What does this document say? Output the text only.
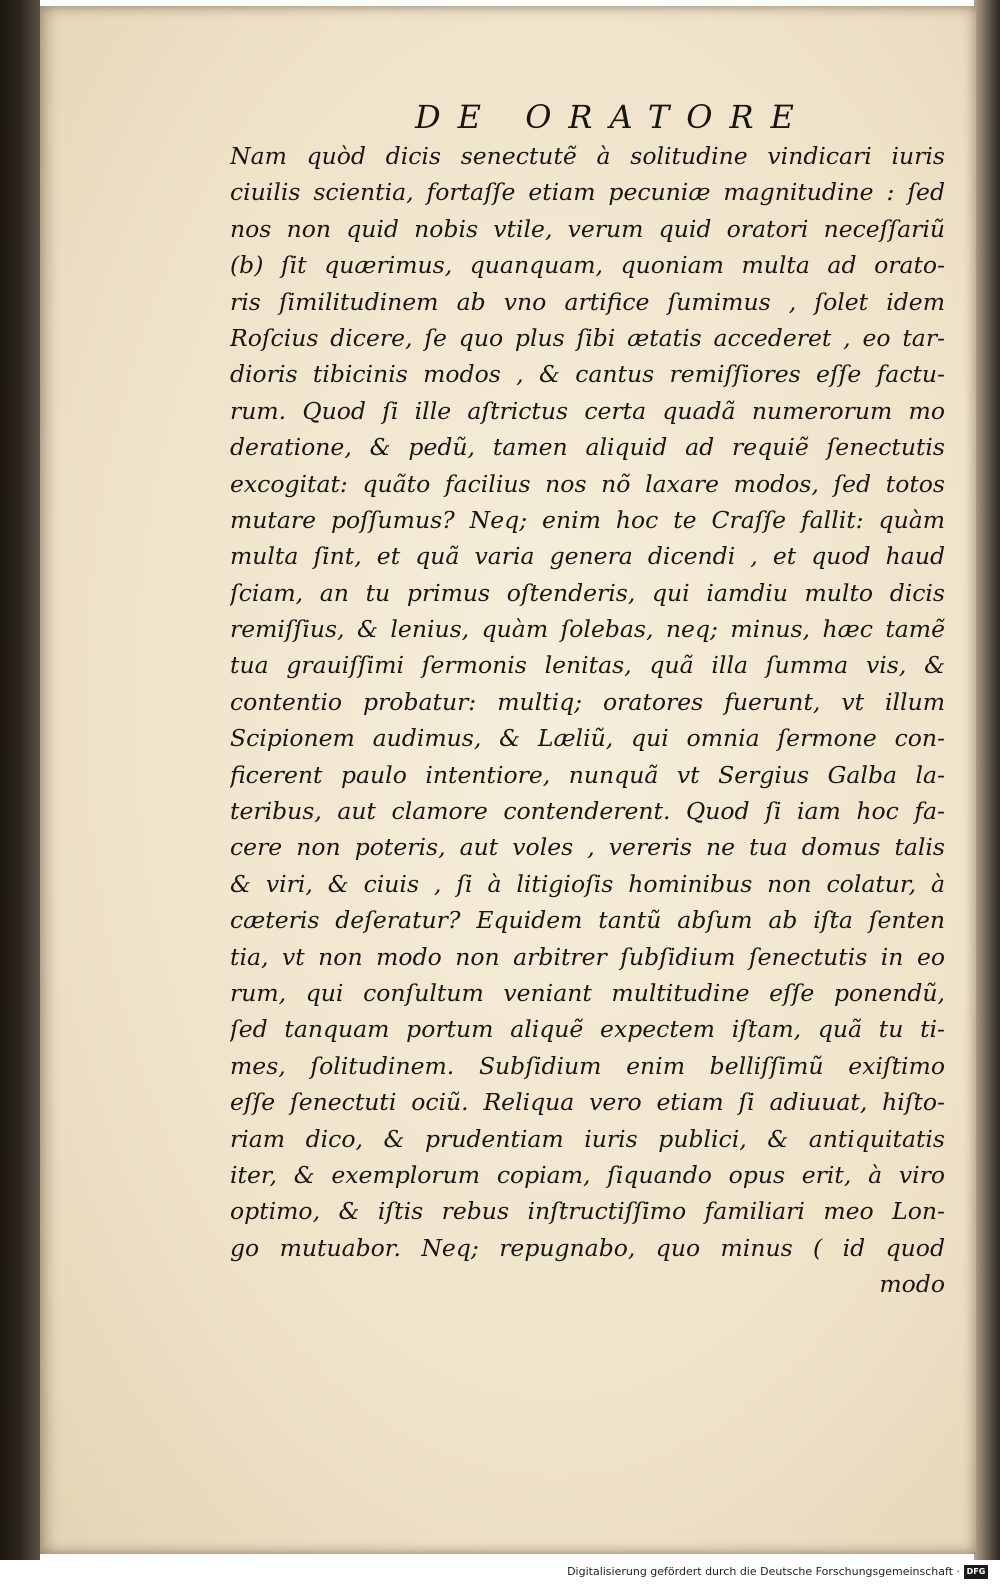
DE ORATORE
Nam quòd dicis senectutẽ à solitudine vindicari iuris
ciuilis scientia, fortaſſe etiam pecuniæ magnitudine : ſed
nos non quid nobis vtile, verum quid oratori neceſſariũ
(b) ſit quærimus, quanquam, quoniam multa ad orato-
ris ſimilitudinem ab vno artifice ſumimus , ſolet idem
Roſcius dicere, ſe quo plus ſibi ætatis accederet , eo tar-
dioris tibicinis modos , & cantus remiſſiores eſſe factu-
rum. Quod ſi ille aſtrictus certa quadã numerorum mo
deratione, & pedũ, tamen aliquid ad requiẽ ſenectutis
excogitat: quãto facilius nos nõ laxare modos, ſed totos
mutare poſſumus? Neq; enim hoc te Craſſe fallit: quàm
multa ſint, et quã varia genera dicendi , et quod haud
ſciam, an tu primus oſtenderis, qui iamdiu multo dicis
remiſſius, & lenius, quàm ſolebas, neq; minus, hæc tamẽ
tua grauiſſimi ſermonis lenitas, quã illa ſumma vis, &
contentio probatur: multiq; oratores fuerunt, vt illum
Scipionem audimus, & Læliũ, qui omnia ſermone con-
ficerent paulo intentiore, nunquã vt Sergius Galba la-
teribus, aut clamore contenderent. Quod ſi iam hoc fa-
cere non poteris, aut voles , vereris ne tua domus talis
& viri, & ciuis , ſi à litigioſis hominibus non colatur, à
cæteris deſeratur? Equidem tantũ abſum ab iſta ſenten
tia, vt non modo non arbitrer ſubſidium ſenectutis in eo
rum, qui conſultum veniant multitudine eſſe ponendũ,
ſed tanquam portum aliquẽ expectem iſtam, quã tu ti-
mes, ſolitudinem. Subſidium enim belliſſimũ exiſtimo
eſſe ſenectuti ociũ. Reliqua vero etiam ſi adiuuat, hiſto-
riam dico, & prudentiam iuris publici, & antiquitatis
iter, & exemplorum copiam, ſiquando opus erit, à viro
optimo, & iſtis rebus inſtructiſſimo familiari meo Lon-
go mutuabor. Neq; repugnabo, quo minus ( id quod
modo
Digitalisierung gefördert durch die Deutsche Forschungsgemeinschaft · DFG
